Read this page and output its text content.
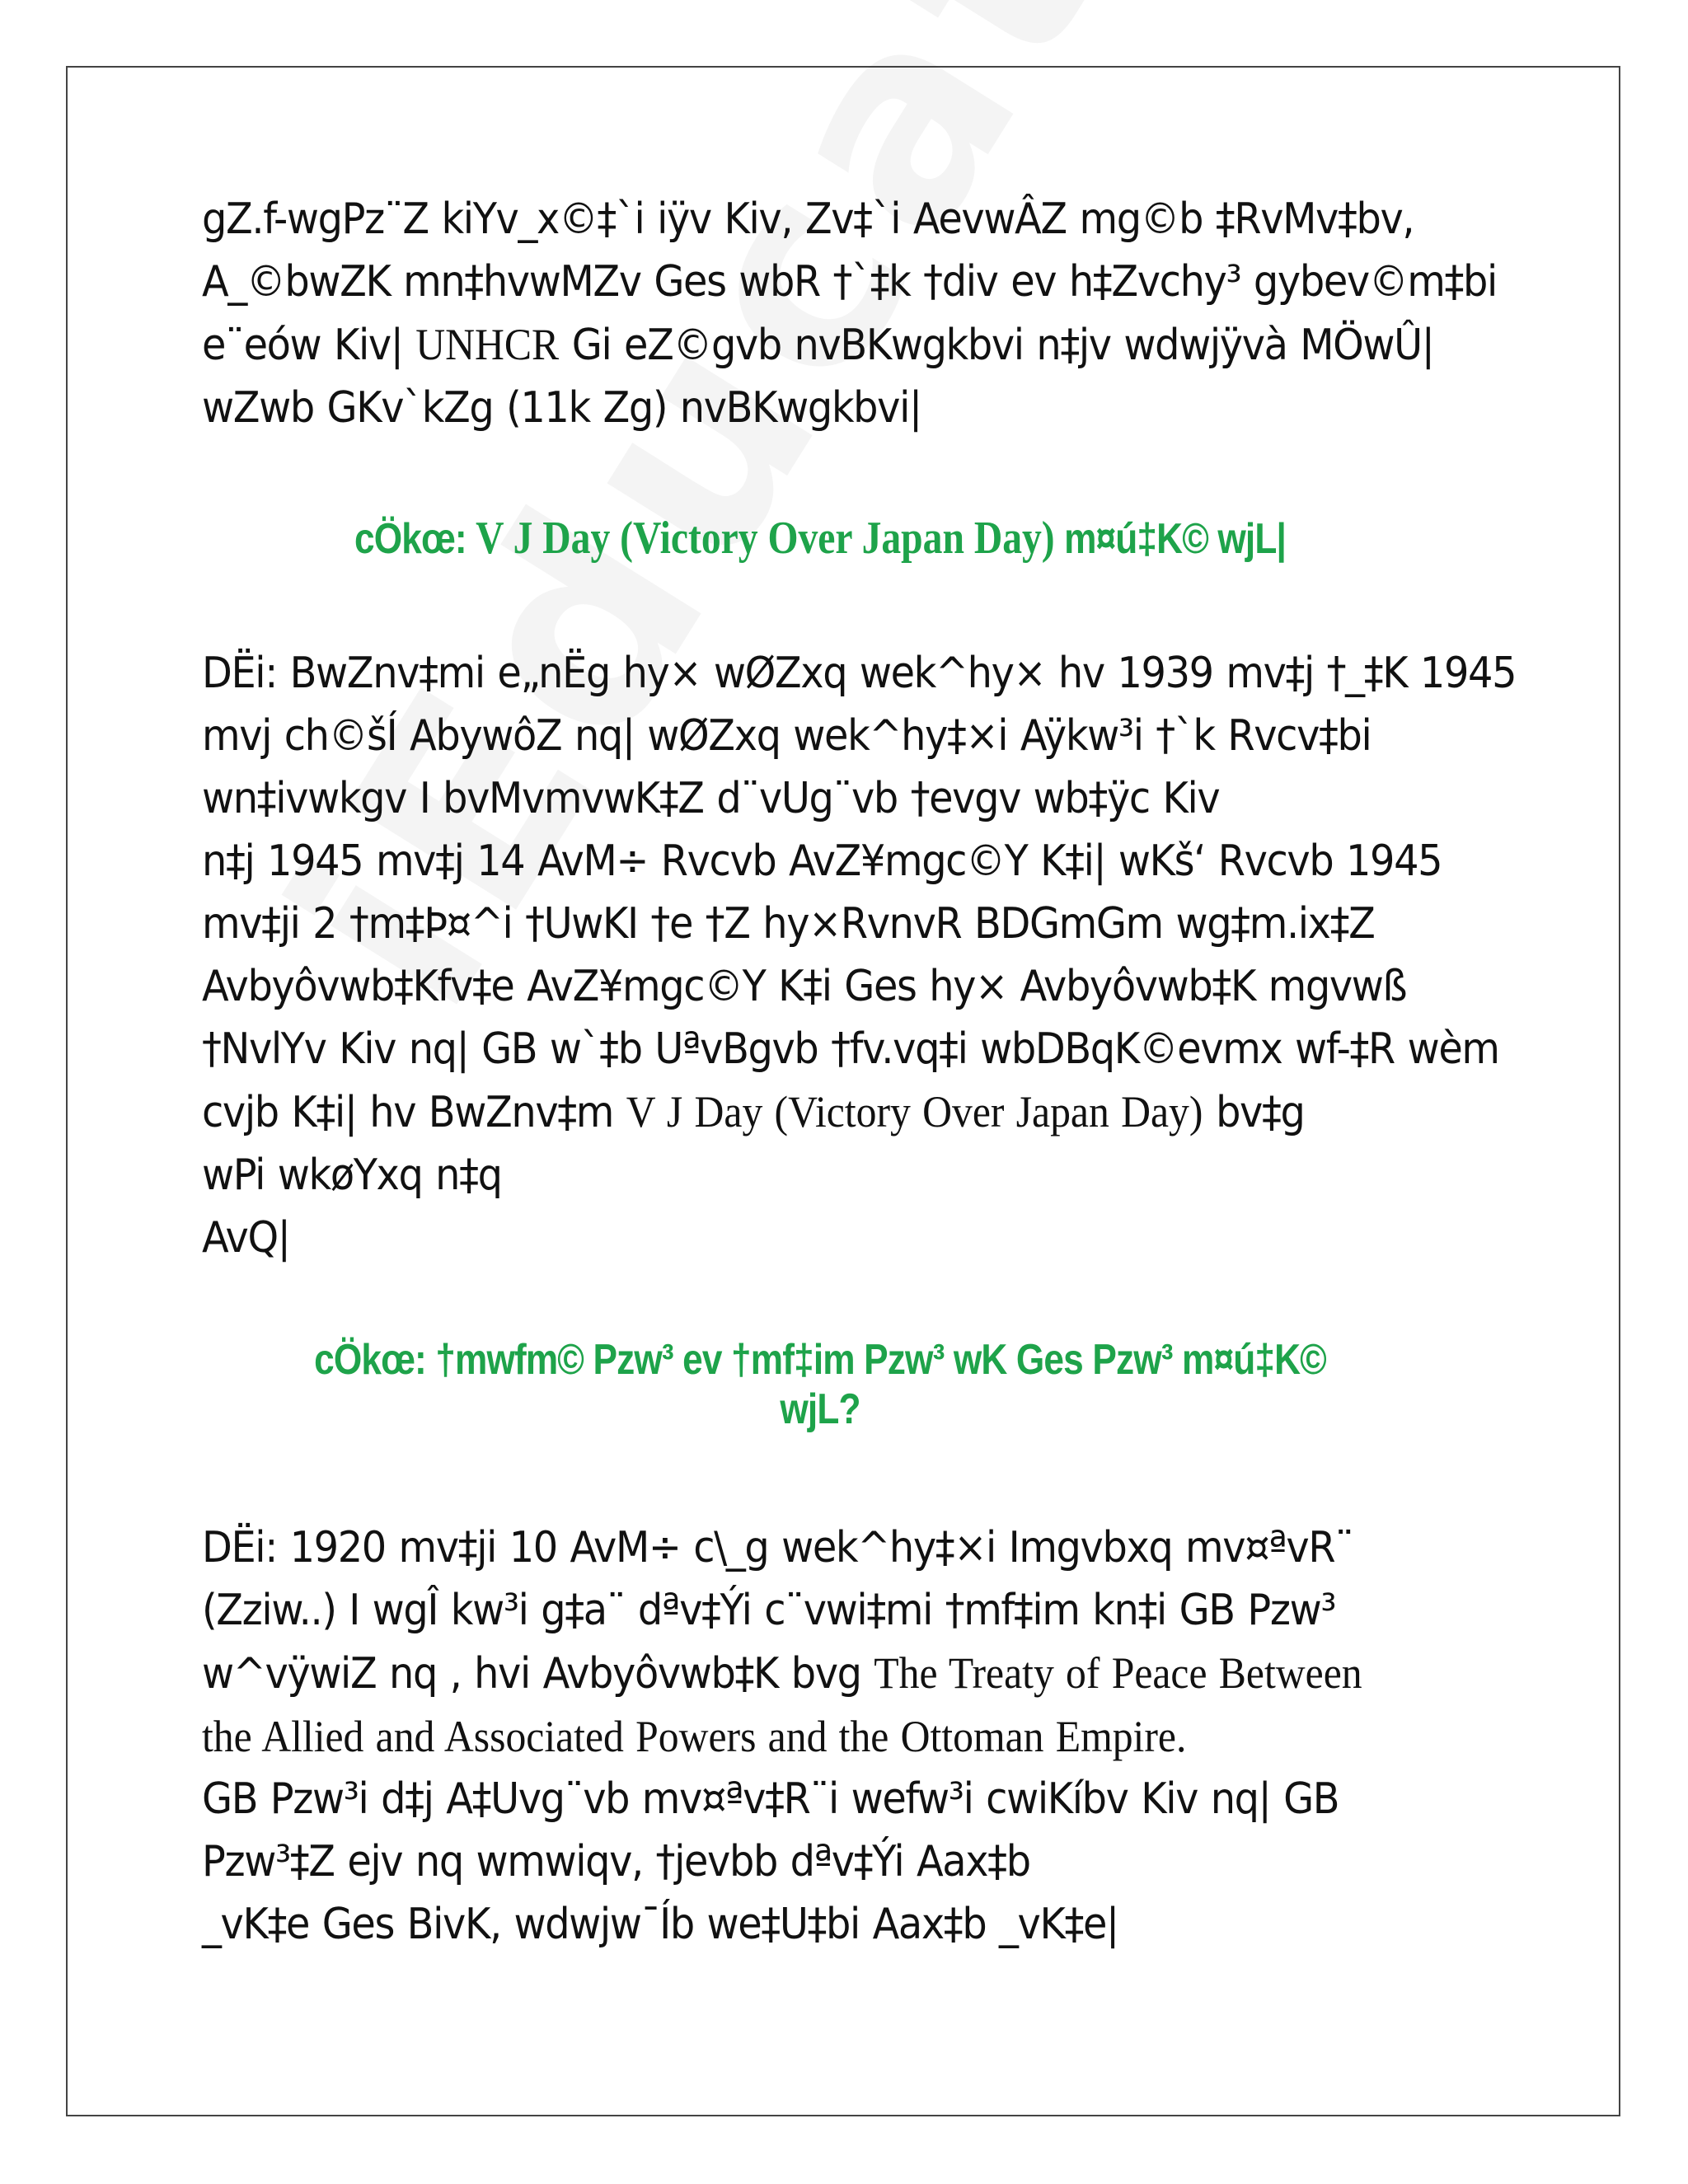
gZ.f-wgPz¨Z kiYv_x©‡`i iÿv Kiv, Zv‡`i AevwÂZ mg©b ‡RvMv‡bv,
A_©bwZK mn‡hvwMZv Ges wbR †`‡k †div ev h‡Zvchy³ gybev©m‡bi
e¨eów Kiv| UNHCR Gi eZ©gvb nvBKwgkbvi n‡jv wdwjÿvà MÖwÛ|
wZwb GKv`kZg (11k Zg) nvBKwgkbvi|

cÖkœ: V J Day (Victory Over Japan Day) m¤ú‡K© wjL|

DËi: BwZnv‡mi e„nËg hy× wØZxq wek^hy× hv 1939 mv‡j †_‡K 1945
mvj ch©šÍ AbywôZ nq| wØZxq wek^hy‡×i Aÿkw³i †`k Rvcv‡bi
wn‡ivwkgv I bvMvmvwK‡Z d¨vUg¨vb †evgv wb‡ÿc Kiv
n‡j 1945 mv‡j 14 AvM÷ Rvcvb AvZ¥mgc©Y K‡i| wKš‘ Rvcvb 1945
mv‡ji 2 †m‡Þ¤^i †UwKI †e †Z hy×RvnvR BDGmGm wg‡m.ix‡Z
Avbyôvwb‡Kfv‡e AvZ¥mgc©Y K‡i Ges hy× Avbyôvwb‡K mgvwß
†NvlYv Kiv nq| GB w`‡b UªvBgvb †fv.vq‡i wbDBqK©evmx wf-‡R wèm
cvjb K‡i| hv BwZnv‡m V J Day (Victory Over Japan Day) bv‡g
wPi wkøYxq n‡q
AvQ|

cÖkœ: †mwfm© Pzw³ ev †mf‡im Pzw³ wK Ges Pzw³ m¤ú‡K© wjL?

DËi: 1920 mv‡ji 10 AvM÷ c\_g wek^hy‡×i Imgvbxq mv¤ªvR¨
(Zziw..) I wgÎ kw³i g‡a¨ dªv‡Ýi c¨vwi‡mi †mf‡im kn‡i GB Pzw³
w^vÿwiZ nq , hvi Avbyôvwb‡K bvg The Treaty of Peace Between
the Allied and Associated Powers and the Ottoman Empire.
GB Pzw³i d‡j A‡Uvg¨vb mv¤ªv‡R¨i wefw³i cwiKíbv Kiv nq| GB
Pzw³‡Z ejv nq wmwiqv, †jevbb dªv‡Ýi Aax‡b
_vK‡e Ges BivK, wdwjw¯Íb we‡U‡bi Aax‡b _vK‡e|
